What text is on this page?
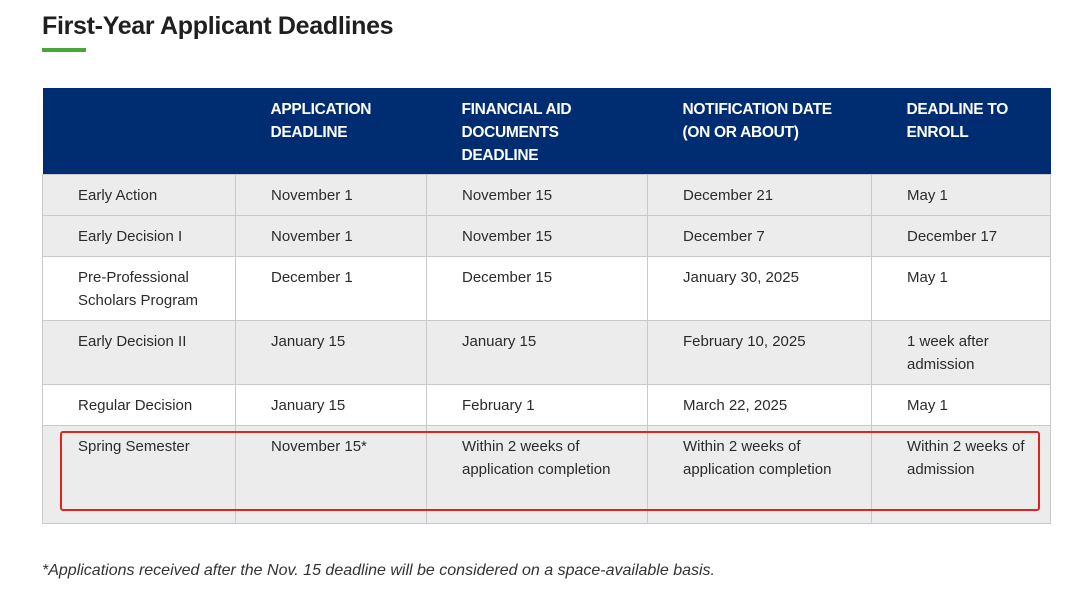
First-Year Applicant Deadlines
	APPLICATION DEADLINE	FINANCIAL AID DOCUMENTS DEADLINE	NOTIFICATION DATE (ON OR ABOUT)	DEADLINE TO ENROLL
Early Action	November 1	November 15	December 21	May 1
Early Decision I	November 1	November 15	December 7	December 17
Pre-Professional Scholars Program	December 1	December 15	January 30, 2025	May 1
Early Decision II	January 15	January 15	February 10, 2025	1 week after admission
Regular Decision	January 15	February 1	March 22, 2025	May 1
Spring Semester	November 15*	Within 2 weeks of application completion	Within 2 weeks of application completion	Within 2 weeks of admission

*Applications received after the Nov. 15 deadline will be considered on a space-available basis.
